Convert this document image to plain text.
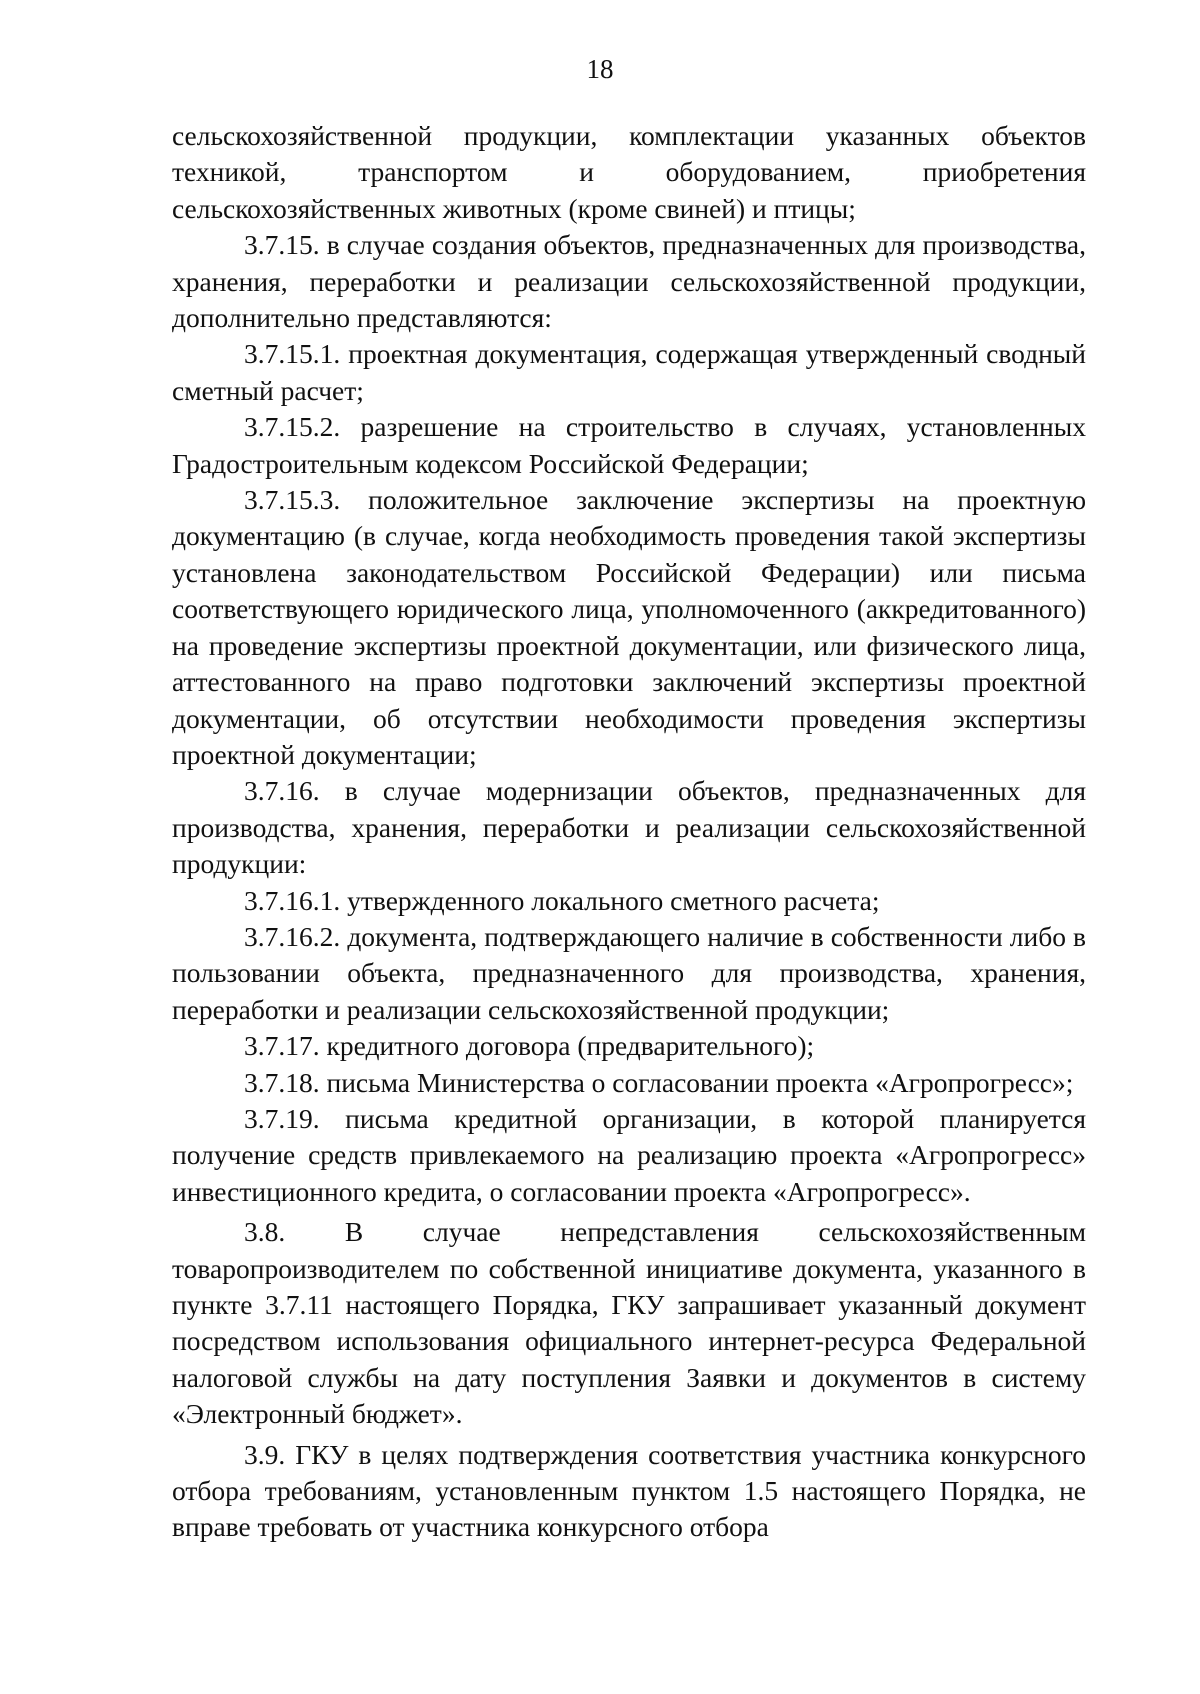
18

сельскохозяйственной продукции, комплектации указанных объектов техникой, транспортом и оборудованием, приобретения сельскохозяйственных животных (кроме свиней) и птицы;

3.7.15. в случае создания объектов, предназначенных для производства, хранения, переработки и реализации сельскохозяйственной продукции, дополнительно представляются:

3.7.15.1. проектная документация, содержащая утвержденный сводный сметный расчет;

3.7.15.2. разрешение на строительство в случаях, установленных Градостроительным кодексом Российской Федерации;

3.7.15.3. положительное заключение экспертизы на проектную документацию (в случае, когда необходимость проведения такой экспертизы установлена законодательством Российской Федерации) или письма соответствующего юридического лица, уполномоченного (аккредитованного) на проведение экспертизы проектной документации, или физического лица, аттестованного на право подготовки заключений экспертизы проектной документации, об отсутствии необходимости проведения экспертизы проектной документации;

3.7.16. в случае модернизации объектов, предназначенных для производства, хранения, переработки и реализации сельскохозяйственной продукции:

3.7.16.1. утвержденного локального сметного расчета;

3.7.16.2. документа, подтверждающего наличие в собственности либо в пользовании объекта, предназначенного для производства, хранения, переработки и реализации сельскохозяйственной продукции;

3.7.17. кредитного договора (предварительного);

3.7.18. письма Министерства о согласовании проекта «Агропрогресс»;

3.7.19. письма кредитной организации, в которой планируется получение средств привлекаемого на реализацию проекта «Агропрогресс» инвестиционного кредита, о согласовании проекта «Агропрогресс».

3.8. В случае непредставления сельскохозяйственным товаропроизводителем по собственной инициативе документа, указанного в пункте 3.7.11 настоящего Порядка, ГКУ запрашивает указанный документ посредством использования официального интернет-ресурса Федеральной налоговой службы на дату поступления Заявки и документов в систему «Электронный бюджет».

3.9. ГКУ в целях подтверждения соответствия участника конкурсного отбора требованиям, установленным пунктом 1.5 настоящего Порядка, не вправе требовать от участника конкурсного отбора
